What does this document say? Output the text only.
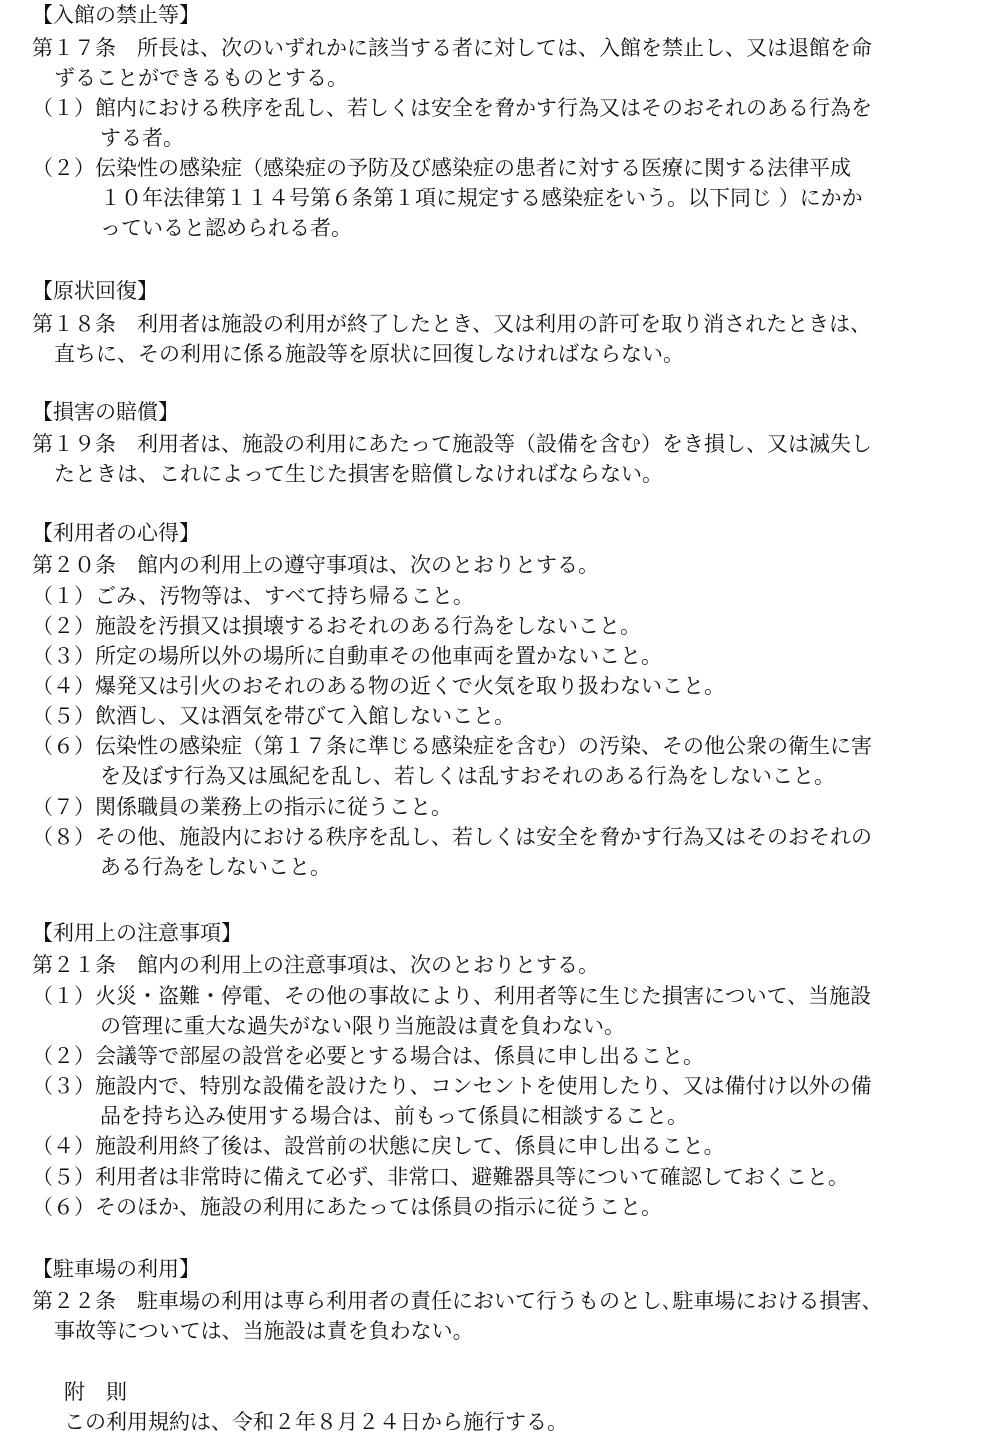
【入館の禁止等】
第１７条　所長は、次のいずれかに該当する者に対しては、入館を禁止し、又は退館を命
ずることができるものとする。
（１）館内における秩序を乱し、若しくは安全を脅かす行為又はそのおそれのある行為を
する者。
（２）伝染性の感染症（感染症の予防及び感染症の患者に対する医療に関する法律平成
１０年法律第１１４号第６条第１項に規定する感染症をいう。以下同じ ）にかか
っていると認められる者。
【原状回復】
第１８条　利用者は施設の利用が終了したとき、又は利用の許可を取り消されたときは、
直ちに、その利用に係る施設等を原状に回復しなければならない。
【損害の賠償】
第１９条　利用者は、施設の利用にあたって施設等（設備を含む）をき損し、又は滅失し
たときは、これによって生じた損害を賠償しなければならない。
【利用者の心得】
第２０条　館内の利用上の遵守事項は、次のとおりとする。
（１）ごみ、汚物等は、すべて持ち帰ること。
（２）施設を汚損又は損壊するおそれのある行為をしないこと。
（３）所定の場所以外の場所に自動車その他車両を置かないこと。
（４）爆発又は引火のおそれのある物の近くで火気を取り扱わないこと。
（５）飲酒し、又は酒気を帯びて入館しないこと。
（６）伝染性の感染症（第１７条に準じる感染症を含む）の汚染、その他公衆の衛生に害
を及ぼす行為又は風紀を乱し、若しくは乱すおそれのある行為をしないこと。
（７）関係職員の業務上の指示に従うこと。
（８）その他、施設内における秩序を乱し、若しくは安全を脅かす行為又はそのおそれの
ある行為をしないこと。
【利用上の注意事項】
第２１条　館内の利用上の注意事項は、次のとおりとする。
（１）火災・盗難・停電、その他の事故により、利用者等に生じた損害について、当施設
の管理に重大な過失がない限り当施設は責を負わない。
（２）会議等で部屋の設営を必要とする場合は、係員に申し出ること。
（３）施設内で、特別な設備を設けたり、コンセントを使用したり、又は備付け以外の備
品を持ち込み使用する場合は、前もって係員に相談すること。
（４）施設利用終了後は、設営前の状態に戻して、係員に申し出ること。
（５）利用者は非常時に備えて必ず、非常口、避難器具等について確認しておくこと。
（６）そのほか、施設の利用にあたっては係員の指示に従うこと。
【駐車場の利用】
第２２条　駐車場の利用は専ら利用者の責任において行うものとし､駐車場における損害、
事故等については、当施設は責を負わない。
附　則
この利用規約は、令和２年８月２４日から施行する。
